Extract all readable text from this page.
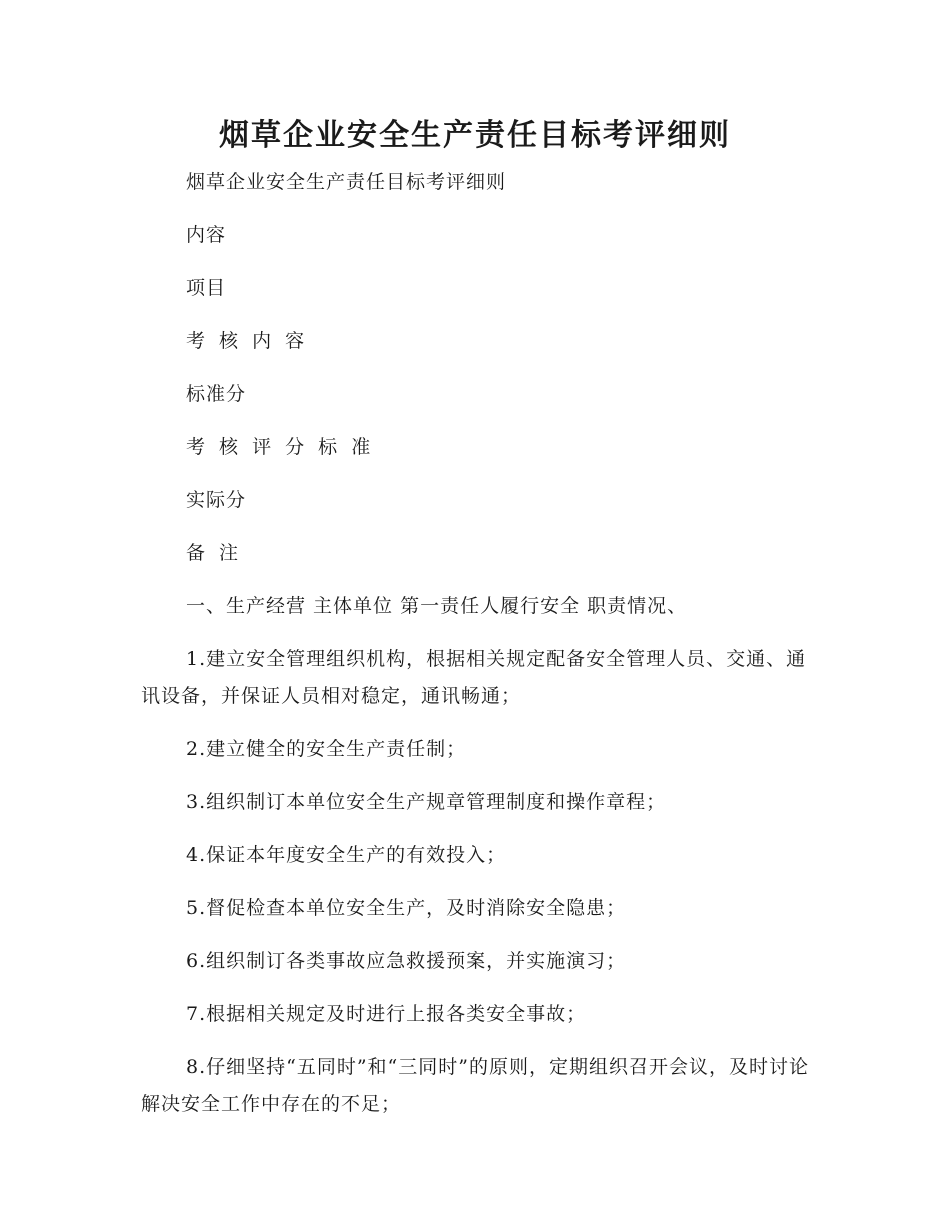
烟草企业安全生产责任目标考评细则

烟草企业安全生产责任目标考评细则

内容

项目

考 核 内 容

标准分

考 核 评 分 标 准

实际分

备 注

一、生产经营 主体单位 第一责任人履行安全 职责情况、

1.建立安全管理组织机构，根据相关规定配备安全管理人员、交通、通讯设备，并保证人员相对稳定，通讯畅通；

2.建立健全的安全生产责任制；

3.组织制订本单位安全生产规章管理制度和操作章程；

4.保证本年度安全生产的有效投入；

5.督促检查本单位安全生产，及时消除安全隐患；

6.组织制订各类事故应急救援预案，并实施演习；

7.根据相关规定及时进行上报各类安全事故；

8.仔细坚持“五同时”和“三同时”的原则，定期组织召开会议，及时讨论解决安全工作中存在的不足；
